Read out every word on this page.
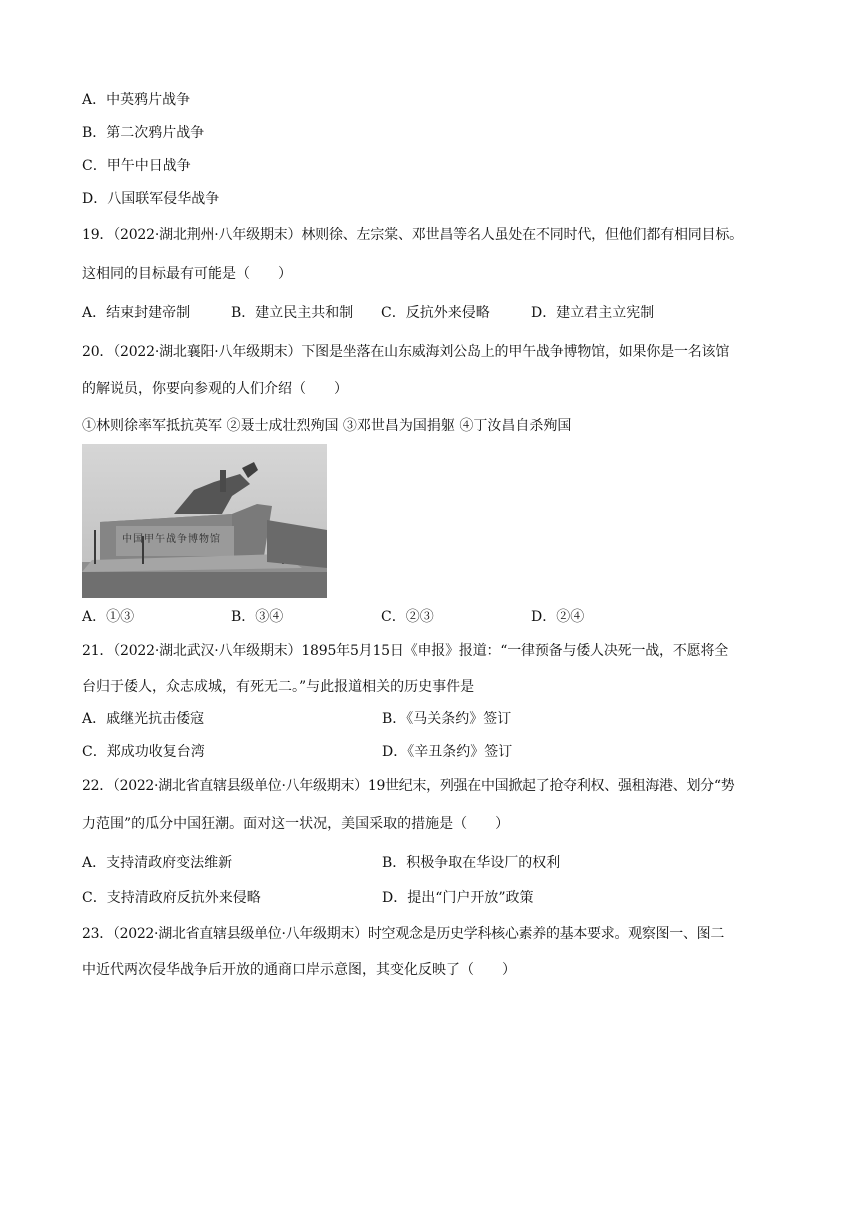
A．中英鸦片战争
B．第二次鸦片战争
C．甲午中日战争
D．八国联军侵华战争
19．（2022·湖北荆州·八年级期末）林则徐、左宗棠、邓世昌等名人虽处在不同时代，但他们都有相同目标。
这相同的目标最有可能是（　　）
A．结束封建帝制	B．建立民主共和制 C．反抗外来侵略	D．建立君主立宪制
20．（2022·湖北襄阳·八年级期末）下图是坐落在山东威海刘公岛上的甲午战争博物馆，如果你是一名该馆
的解说员，你要向参观的人们介绍（　　）
①林则徐率军抵抗英军 ②聂士成壮烈殉国 ③邓世昌为国捐躯 ④丁汝昌自杀殉国
中国甲午战争博物馆
A．①③	B．③④	C．②③	D．②④
21．（2022·湖北武汉·八年级期末）1895年5月15日《申报》报道：“一律预备与倭人决死一战，不愿将全
台归于倭人，众志成城，有死无二。”与此报道相关的历史事件是
A．戚继光抗击倭寇	B．《马关条约》签订
C．郑成功收复台湾	D．《辛丑条约》签订
22．（2022·湖北省直辖县级单位·八年级期末）19世纪末，列强在中国掀起了抢夺利权、强租海港、划分“势
力范围”的瓜分中国狂潮。面对这一状况，美国采取的措施是（　　）
A．支持清政府变法维新	B．积极争取在华设厂的权利
C．支持清政府反抗外来侵略	D．提出“门户开放”政策
23．（2022·湖北省直辖县级单位·八年级期末）时空观念是历史学科核心素养的基本要求。观察图一、图二
中近代两次侵华战争后开放的通商口岸示意图，其变化反映了（　　）
